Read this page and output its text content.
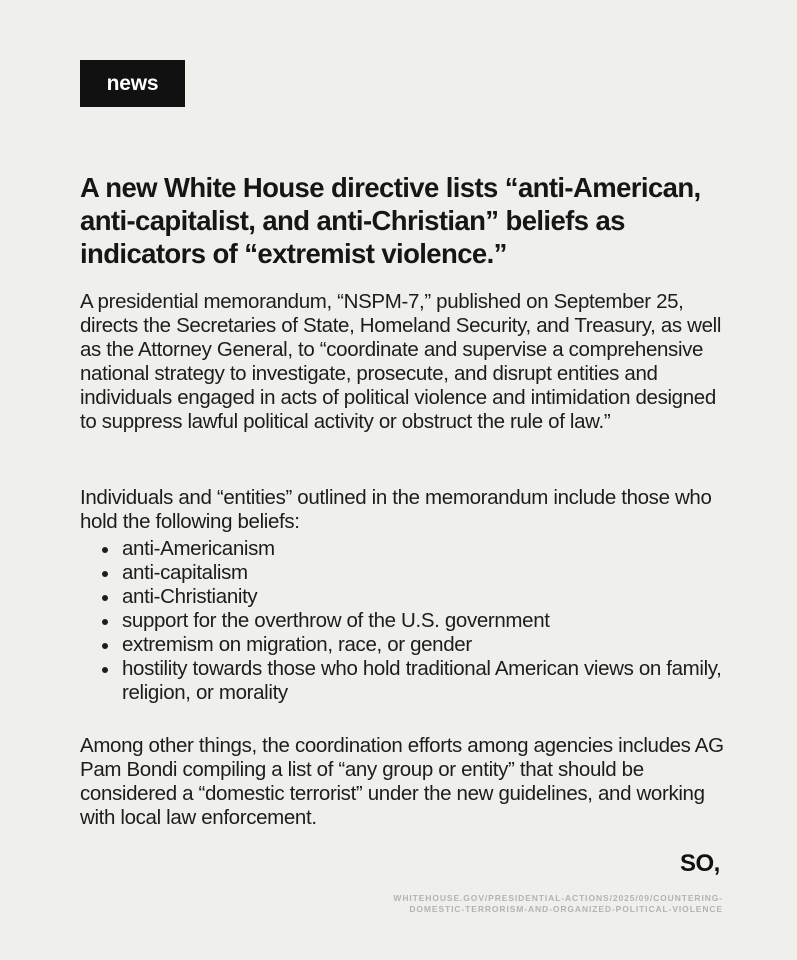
news
A new White House directive lists “anti-American, anti-capitalist, and anti-Christian” beliefs as indicators of “extremist violence.”

A presidential memorandum, “NSPM-7,” published on September 25, directs the Secretaries of State, Homeland Security, and Treasury, as well as the Attorney General, to “coordinate and supervise a comprehensive national strategy to investigate, prosecute, and disrupt entities and individuals engaged in acts of political violence and intimidation designed to suppress lawful political activity or obstruct the rule of law.”

Individuals and “entities” outlined in the memorandum include those who hold the following beliefs:

anti-Americanism
anti-capitalism
anti-Christianity
support for the overthrow of the U.S. government
extremism on migration, race, or gender
hostility towards those who hold traditional American views on family, religion, or morality

Among other things, the coordination efforts among agencies includes AG Pam Bondi compiling a list of “any group or entity” that should be considered a “domestic terrorist” under the new guidelines, and working with local law enforcement.

SO,
WHITEHOUSE.GOV/PRESIDENTIAL-ACTIONS/2025/09/COUNTERING-
DOMESTIC-TERRORISM-AND-ORGANIZED-POLITICAL-VIOLENCE
